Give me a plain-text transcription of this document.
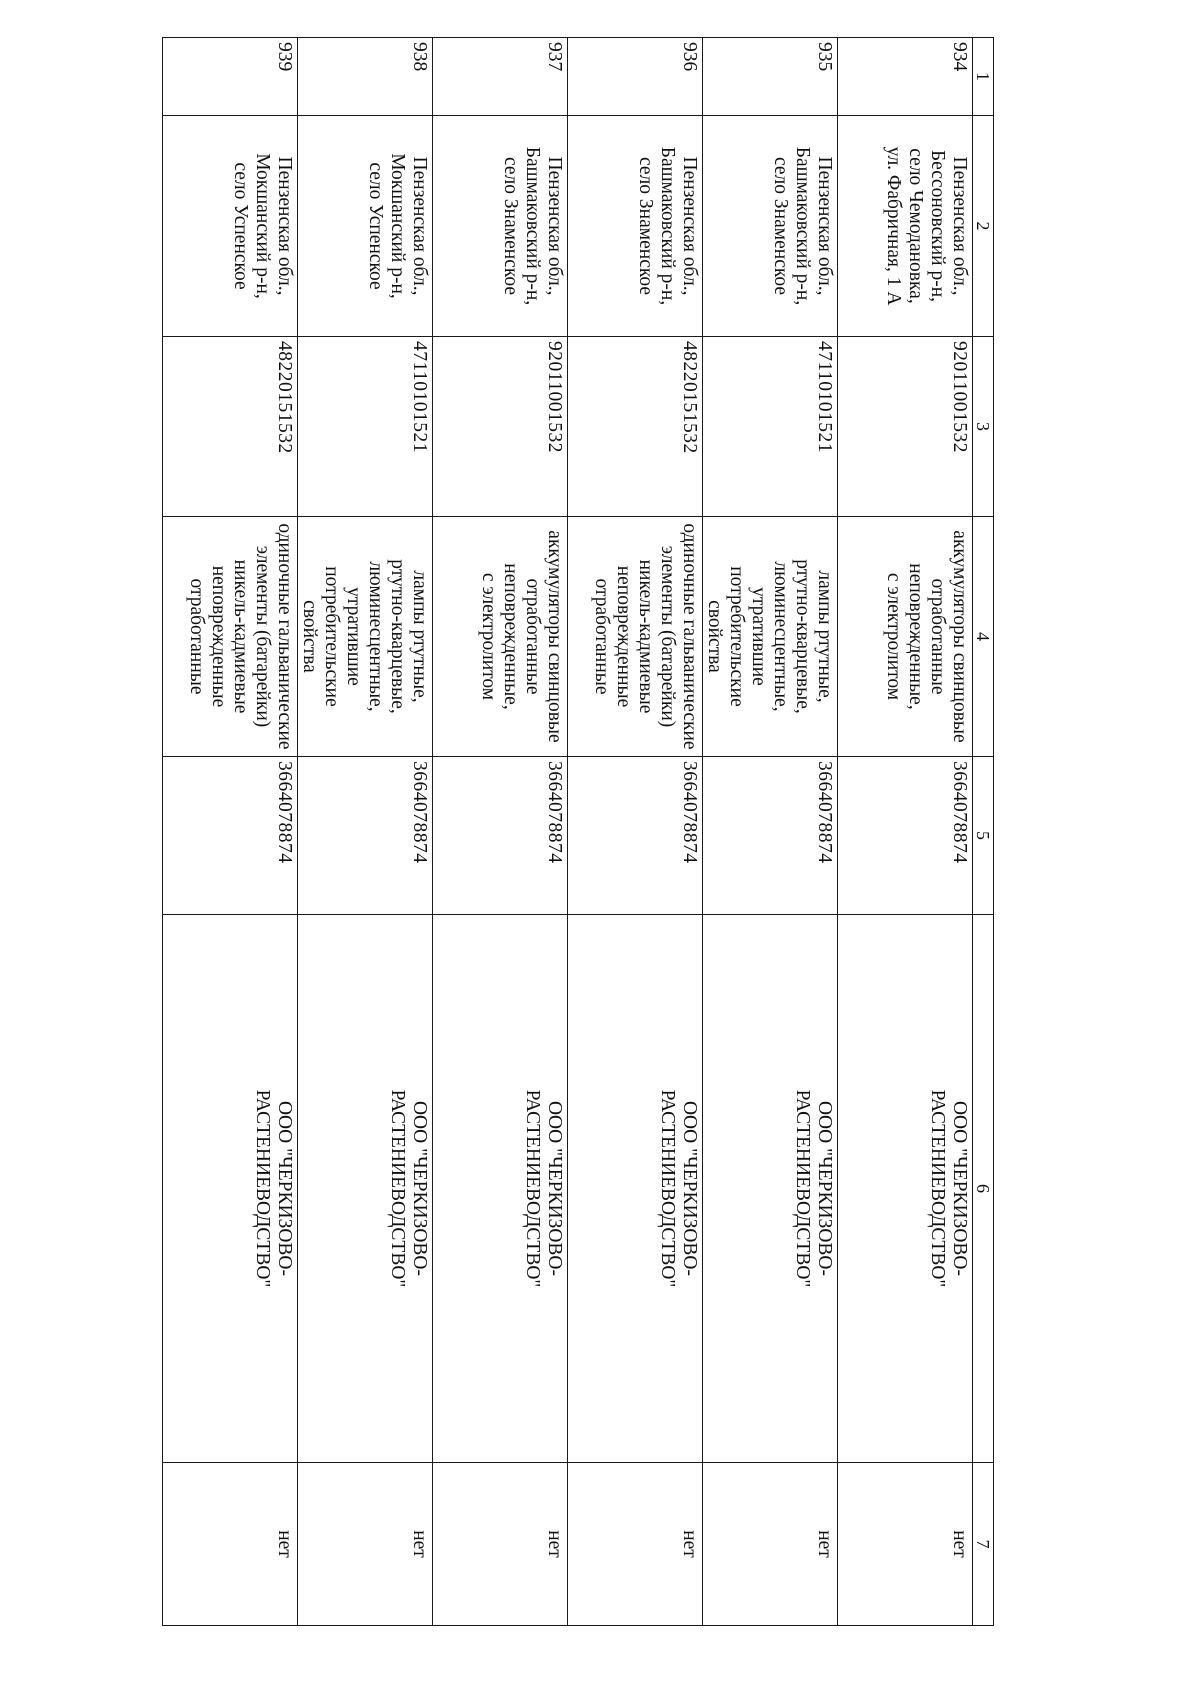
1	2	3	4	5	6	7
934	Пензенская обл.,
Бессоновский р-н,
село Чемодановка,
ул. Фабричная, 1 А	92011001532	аккумуляторы свинцовые
отработанные
неповрежденные,
с электролитом	3664078874	ООО "ЧЕРКИЗОВО-
РАСТЕНИЕВОДСТВО"	нет
935	Пензенская обл.,
Башмаковский р-н,
село Знаменское	47110101521	лампы ртутные,
ртутно-кварцевые,
люминесцентные,
утратившие потребительские
свойства	3664078874	ООО "ЧЕРКИЗОВО-
РАСТЕНИЕВОДСТВО"	нет
936	Пензенская обл.,
Башмаковский р-н,
село Знаменское	48220151532	одиночные гальванические
элементы (батарейки)
никель-кадмиевые
неповрежденные
отработанные	3664078874	ООО "ЧЕРКИЗОВО-
РАСТЕНИЕВОДСТВО"	нет
937	Пензенская обл.,
Башмаковский р-н,
село Знаменское	92011001532	аккумуляторы свинцовые
отработанные
неповрежденные,
с электролитом	3664078874	ООО "ЧЕРКИЗОВО-
РАСТЕНИЕВОДСТВО"	нет
938	Пензенская обл.,
Мокшанский р-н,
село Успенское	47110101521	лампы ртутные,
ртутно-кварцевые,
люминесцентные,
утратившие потребительские
свойства	3664078874	ООО "ЧЕРКИЗОВО-
РАСТЕНИЕВОДСТВО"	нет
939	Пензенская обл.,
Мокшанский р-н,
село Успенское	48220151532	одиночные гальванические
элементы (батарейки)
никель-кадмиевые
неповрежденные
отработанные	3664078874	ООО "ЧЕРКИЗОВО-
РАСТЕНИЕВОДСТВО"	нет
